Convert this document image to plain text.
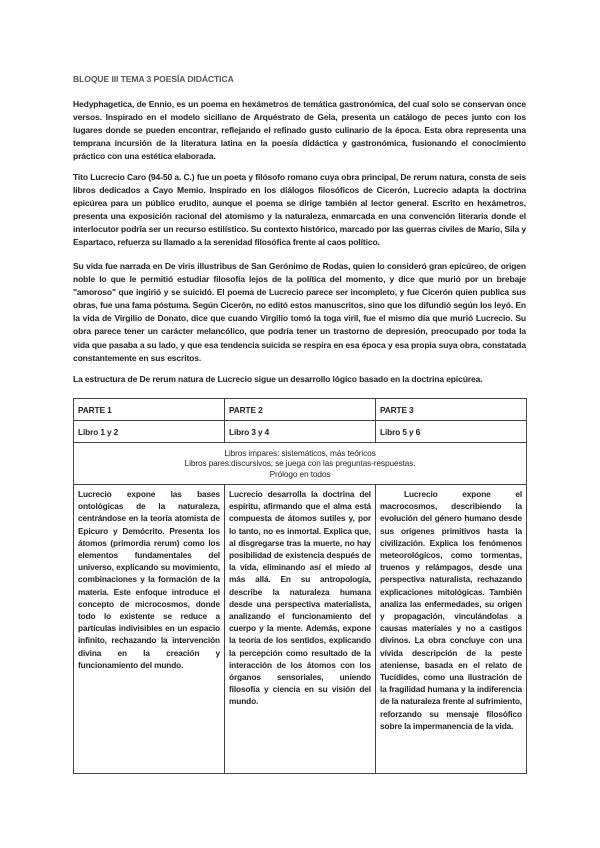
BLOQUE III TEMA 3 POESÍA DIDÁCTICA

Hedyphagetica, de Ennio, es un poema en hexámetros de temática gastronómica, del cual solo se conservan once versos. Inspirado en el modelo siciliano de Arquéstrato de Gela, presenta un catálogo de peces junto con los lugares donde se pueden encontrar, reflejando el refinado gusto culinario de la época. Esta obra representa una temprana incursión de la literatura latina en la poesía didáctica y gastronómica, fusionando el conocimiento práctico con una estética elaborada.

Tito Lucrecio Caro (94-50 a. C.) fue un poeta y filósofo romano cuya obra principal, De rerum natura, consta de seis libros dedicados a Cayo Memio. Inspirado en los diálogos filosóficos de Cicerón, Lucrecio adapta la doctrina epicúrea para un público erudito, aunque el poema se dirige también al lector general. Escrito en hexámetros, presenta una exposición racional del atomismo y la naturaleza, enmarcada en una convención literaria donde el interlocutor podría ser un recurso estilístico. Su contexto histórico, marcado por las guerras civiles de Mario, Sila y Espartaco, refuerza su llamado a la serenidad filosófica frente al caos político.

Su vida fue narrada en De viris illustribus de San Gerónimo de Rodas, quien lo consideró gran epicúreo, de origen noble lo que le permitió estudiar filosofía lejos de la política del momento, y dice que murió por un brebaje "amoroso" que ingirió y se suicidó. El poema de Lucrecio parece ser incompleto, y fue Cicerón quien publica sus obras, fue una fama póstuma. Según Cicerón, no editó estos manuscritos, sino que los difundió según los leyó. En la vida de Virgilio de Donato, dice que cuando Virgilio tomó la toga viril, fue el mismo día que murió Lucrecio. Su obra parece tener un carácter melancólico, que podría tener un trastorno de depresión, preocupado por toda la vida que pasaba a su lado, y que esa tendencia suicida se respira en esa época y esa propia suya obra, constatada constantemente en sus escritos.

La estructura de De rerum natura de Lucrecio sigue un desarrollo lógico basado en la doctrina epicúrea.

PARTE 1	PARTE 2	PARTE 3
Libro 1 y 2	Libro 3 y 4	Libro 5 y 6

Libros impares: sistemáticos, más teóricos
Libros pares:discursivos, se juega con las preguntas-respuestas.
Prólogo en todos		

Lucrecio expone las bases ontológicas de la naturaleza, centrándose en la teoría atomista de Epicuro y Demócrito. Presenta los átomos (primordia rerum) como los elementos fundamentales del universo, explicando su movimiento, combinaciones y la formación de la materia. Este enfoque introduce el concepto de microcosmos, donde todo lo existente se reduce a partículas indivisibles en un espacio infinito, rechazando la intervención divina en la creación y funcionamiento del mundo.	Lucrecio desarrolla la doctrina del espíritu, afirmando que el alma está compuesta de átomos sutiles y, por lo tanto, no es inmortal. Explica que, al disgregarse tras la muerte, no hay posibilidad de existencia después de la vida, eliminando así el miedo al más allá. En su antropología, describe la naturaleza humana desde una perspectiva materialista, analizando el funcionamiento del cuerpo y la mente. Además, expone la teoría de los sentidos, explicando la percepción como resultado de la interacción de los átomos con los órganos sensoriales, uniendo filosofía y ciencia en su visión del mundo.	Lucrecio expone el macrocosmos, describiendo la evolución del género humano desde sus orígenes primitivos hasta la civilización. Explica los fenómenos meteorológicos, como tormentas, truenos y relámpagos, desde una perspectiva naturalista, rechazando explicaciones mitológicas. También analiza las enfermedades, su origen y propagación, vinculándolas a causas materiales y no a castigos divinos. La obra concluye con una vívida descripción de la peste ateniense, basada en el relato de Tucídides, como una ilustración de la fragilidad humana y la indiferencia de la naturaleza frente al sufrimiento, reforzando su mensaje filosófico sobre la impermanencia de la vida.
